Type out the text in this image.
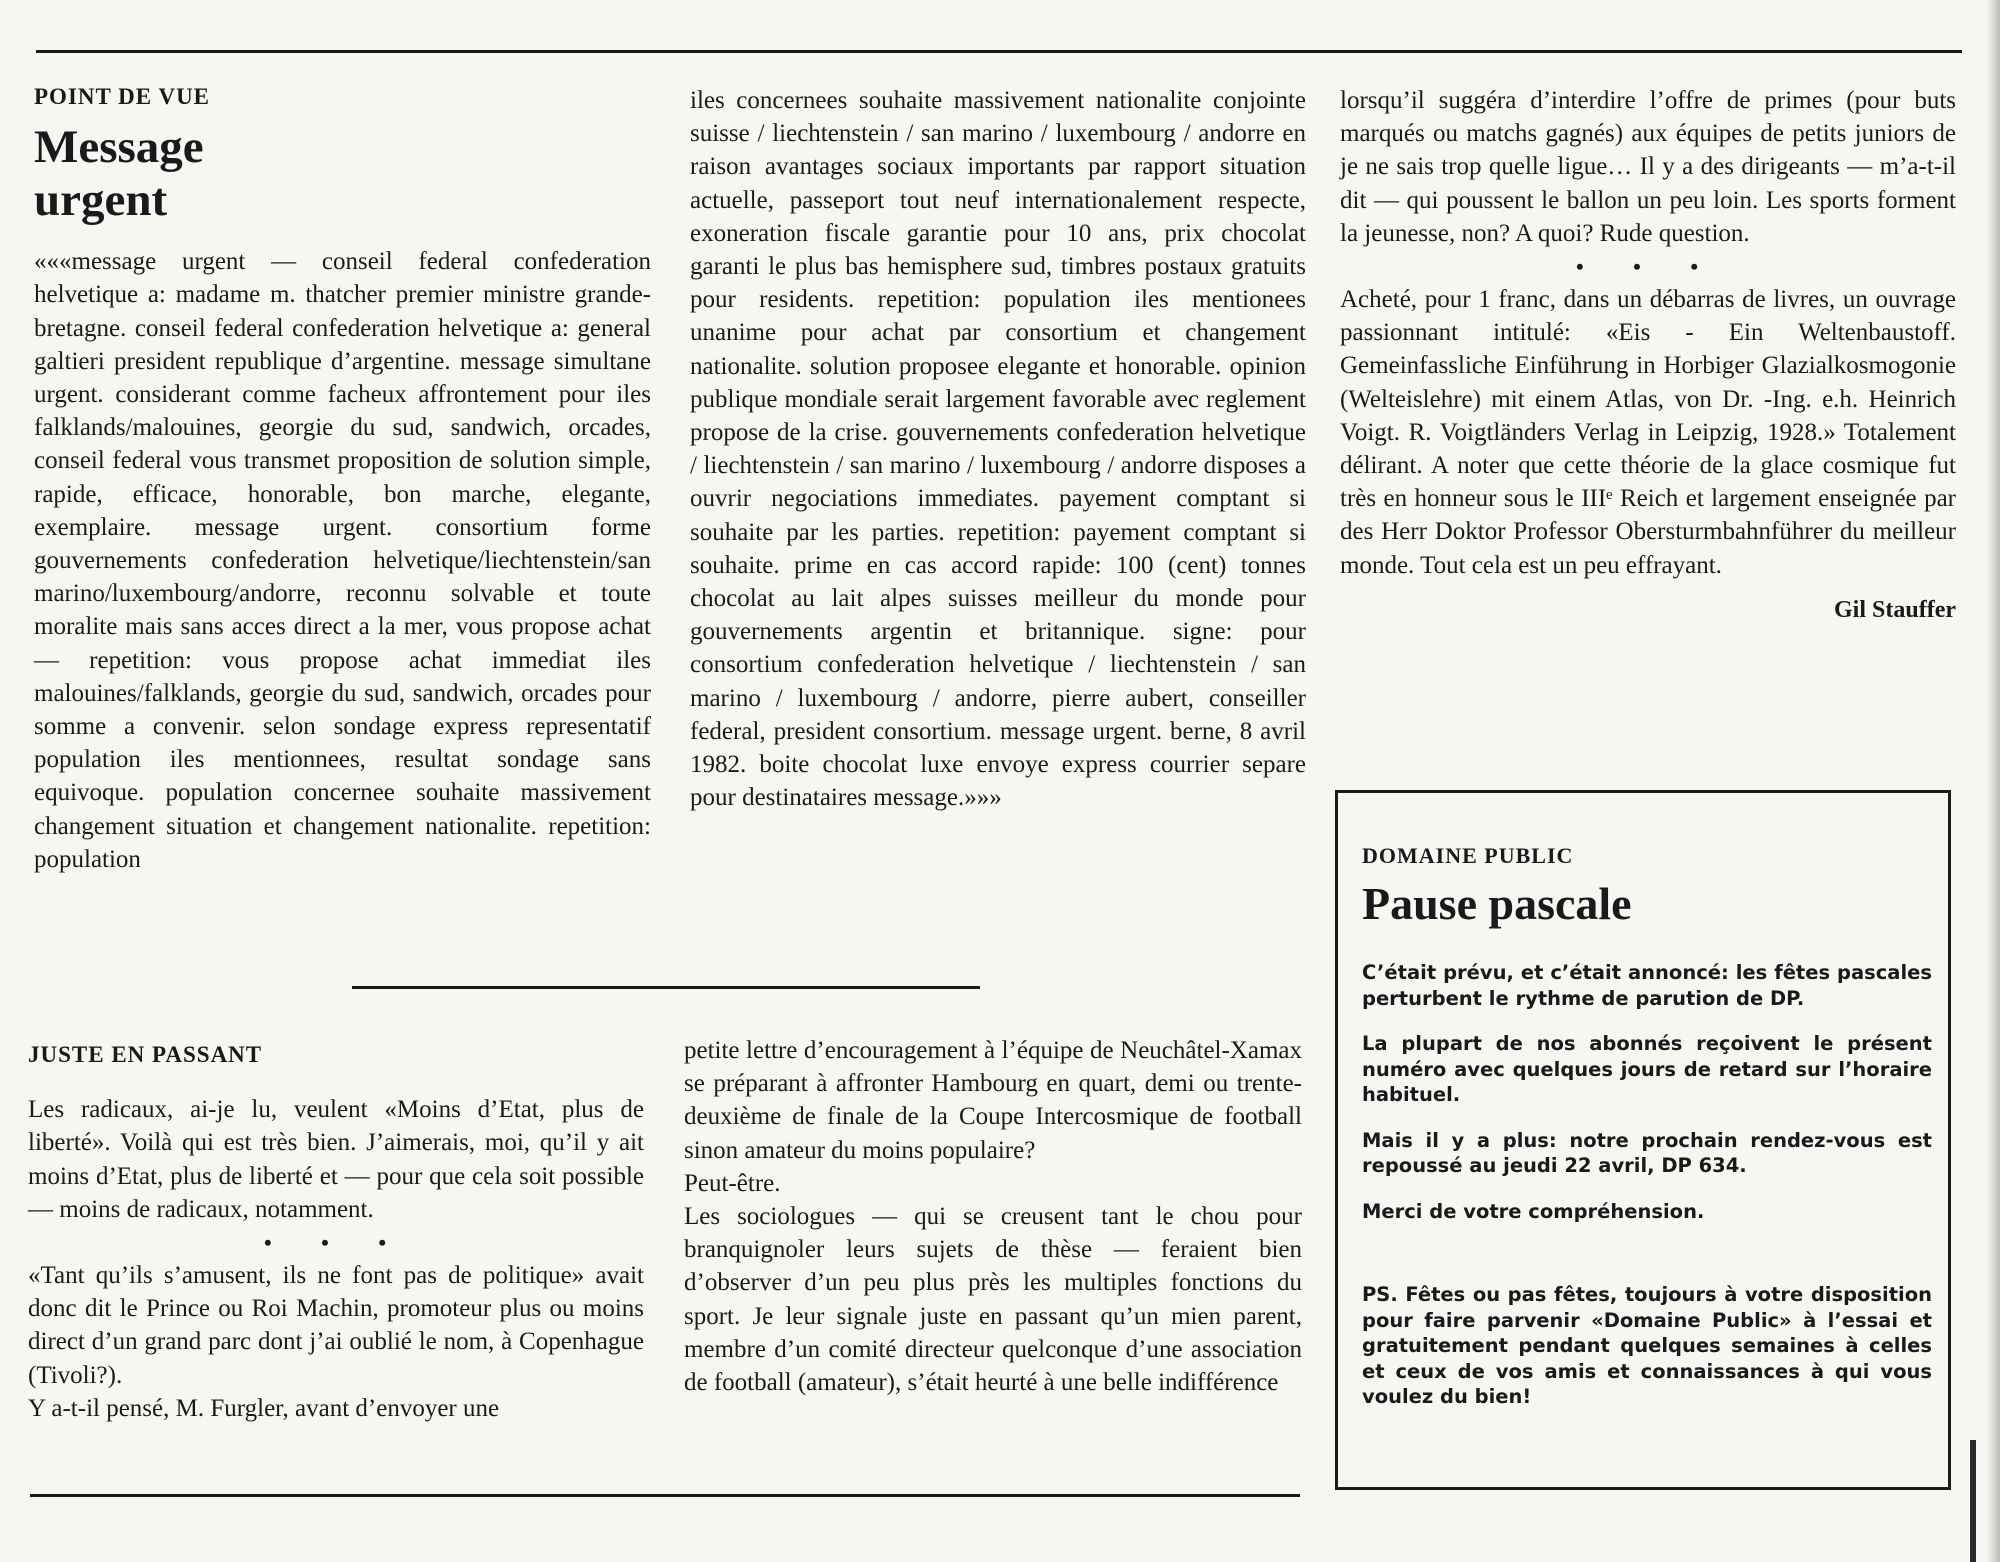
POINT DE VUE

Message
urgent

«««message urgent — conseil federal confederation helvetique a: madame m. thatcher premier ministre grande-bretagne. conseil federal confederation helvetique a: general galtieri president republique d’argentine. message simultane urgent. considerant comme facheux affrontement pour iles falklands/malouines, georgie du sud, sandwich, orcades, conseil federal vous transmet proposition de solution simple, rapide, efficace, honorable, bon marche, elegante, exemplaire. message urgent. consortium forme gouvernements confederation helvetique/liechtenstein/san marino/luxembourg/andorre, reconnu solvable et toute moralite mais sans acces direct a la mer, vous propose achat — repetition: vous propose achat immediat iles malouines/falklands, georgie du sud, sandwich, orcades pour somme a convenir. selon sondage express representatif population iles mentionnees, resultat sondage sans equivoque. population concernee souhaite massivement changement situation et changement nationalite. repetition: population

iles concernees souhaite massivement nationalite conjointe suisse / liechtenstein / san marino / luxembourg / andorre en raison avantages sociaux importants par rapport situation actuelle, passeport tout neuf internationalement respecte, exoneration fiscale garantie pour 10 ans, prix chocolat garanti le plus bas hemisphere sud, timbres postaux gratuits pour residents. repetition: population iles mentionees unanime pour achat par consortium et changement nationalite. solution proposee elegante et honorable. opinion publique mondiale serait largement favorable avec reglement propose de la crise. gouvernements confederation helvetique / liechtenstein / san marino / luxembourg / andorre disposes a ouvrir negociations immediates. payement comptant si souhaite par les parties. repetition: payement comptant si souhaite. prime en cas accord rapide: 100 (cent) tonnes chocolat au lait alpes suisses meilleur du monde pour gouvernements argentin et britannique. signe: pour consortium confederation helvetique / liechtenstein / san marino / luxembourg / andorre, pierre aubert, conseiller federal, president consortium. message urgent. berne, 8 avril 1982. boite chocolat luxe envoye express courrier separe pour destinataires message.»»»

lorsqu’il suggéra d’interdire l’offre de primes (pour buts marqués ou matchs gagnés) aux équipes de petits juniors de je ne sais trop quelle ligue… Il y a des dirigeants — m’a-t-il dit — qui poussent le ballon un peu loin. Les sports forment la jeunesse, non? A quoi? Rude question.

• • •

Acheté, pour 1 franc, dans un débarras de livres, un ouvrage passionnant intitulé: «Eis - Ein Weltenbaustoff. Gemeinfassliche Einführung in Horbiger Glazialkosmogonie (Welteislehre) mit einem Atlas, von Dr. -Ing. e.h. Heinrich Voigt. R. Voigtländers Verlag in Leipzig, 1928.» Totalement délirant. A noter que cette théorie de la glace cosmique fut très en honneur sous le IIIᵉ Reich et largement enseignée par des Herr Doktor Professor Obersturmbahnführer du meilleur monde. Tout cela est un peu effrayant.

Gil Stauffer

JUSTE EN PASSANT

Les radicaux, ai-je lu, veulent «Moins d’Etat, plus de liberté». Voilà qui est très bien. J’aimerais, moi, qu’il y ait moins d’Etat, plus de liberté et — pour que cela soit possible — moins de radicaux, notamment.

• • •

«Tant qu’ils s’amusent, ils ne font pas de politique» avait donc dit le Prince ou Roi Machin, promoteur plus ou moins direct d’un grand parc dont j’ai oublié le nom, à Copenhague (Tivoli?).

Y a-t-il pensé, M. Furgler, avant d’envoyer une

petite lettre d’encouragement à l’équipe de Neuchâtel-Xamax se préparant à affronter Hambourg en quart, demi ou trente-deuxième de finale de la Coupe Intercosmique de football sinon amateur du moins populaire?

Peut-être.

Les sociologues — qui se creusent tant le chou pour branquignoler leurs sujets de thèse — feraient bien d’observer d’un peu plus près les multiples fonctions du sport. Je leur signale juste en passant qu’un mien parent, membre d’un comité directeur quelconque d’une association de football (amateur), s’était heurté à une belle indifférence

DOMAINE PUBLIC

Pause pascale

C’était prévu, et c’était annoncé: les fêtes pascales perturbent le rythme de parution de DP.

La plupart de nos abonnés reçoivent le présent numéro avec quelques jours de retard sur l’horaire habituel.

Mais il y a plus: notre prochain rendez-vous est repoussé au jeudi 22 avril, DP 634.

Merci de votre compréhension.

PS. Fêtes ou pas fêtes, toujours à votre disposition pour faire parvenir «Domaine Public» à l’essai et gratuitement pendant quelques semaines à celles et ceux de vos amis et connaissances à qui vous voulez du bien!
